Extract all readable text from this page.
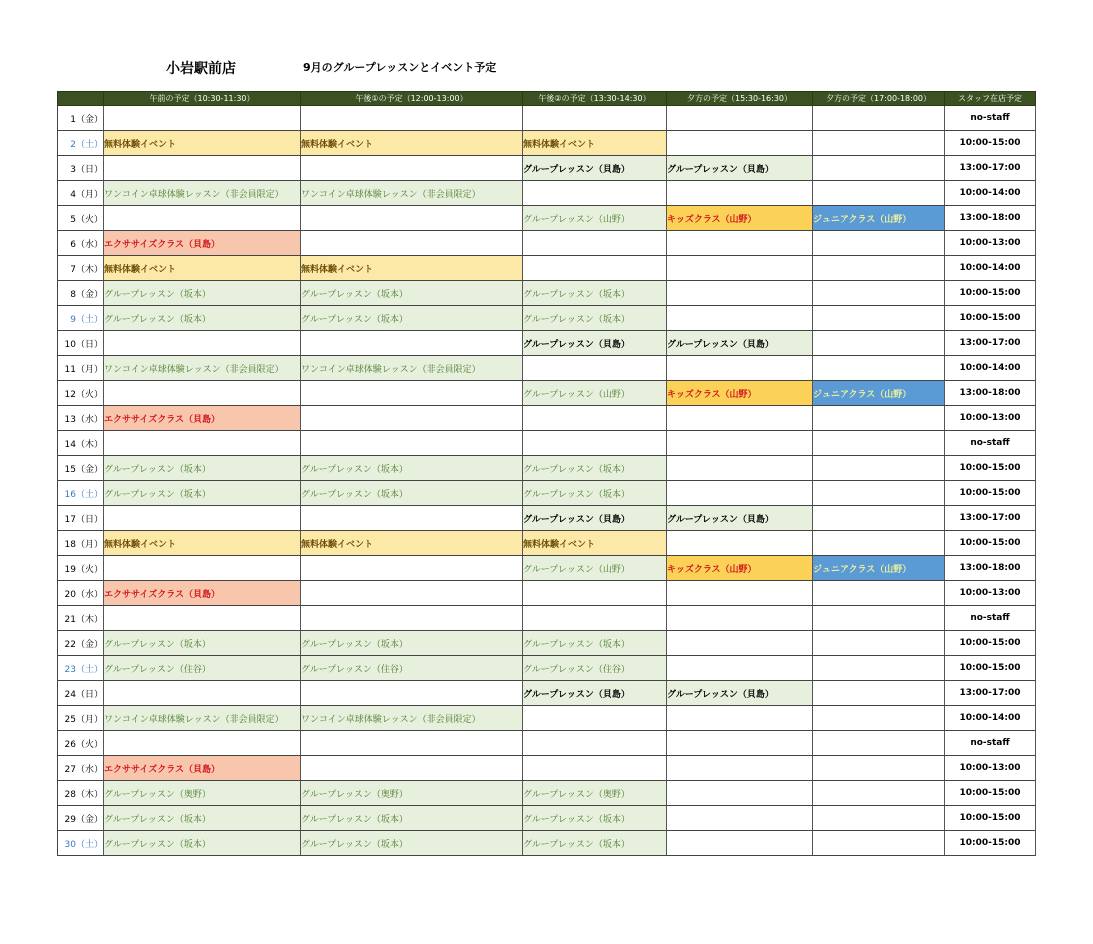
小岩駅前店	9月のグループレッスンとイベント予定
	午前の予定（10:30-11:30）	午後①の予定（12:00-13:00）	午後②の予定（13:30-14:30）	夕方の予定（15:30-16:30）	夕方の予定（17:00-18:00）	スタッフ在店予定
1（金）						no-staff
2（土）	無料体験イベント	無料体験イベント	無料体験イベント			10:00-15:00
3（日）			グループレッスン（貝島）	グループレッスン（貝島）		13:00-17:00
4（月）	ワンコイン卓球体験レッスン（非会員限定）	ワンコイン卓球体験レッスン（非会員限定）				10:00-14:00
5（火）			グループレッスン（山野）	キッズクラス（山野）	ジュニアクラス（山野）	13:00-18:00
6（水）	エクササイズクラス（貝島）					10:00-13:00
7（木）	無料体験イベント	無料体験イベント				10:00-14:00
8（金）	グループレッスン（坂本）	グループレッスン（坂本）	グループレッスン（坂本）			10:00-15:00
9（土）	グループレッスン（坂本）	グループレッスン（坂本）	グループレッスン（坂本）			10:00-15:00
10（日）			グループレッスン（貝島）	グループレッスン（貝島）		13:00-17:00
11（月）	ワンコイン卓球体験レッスン（非会員限定）	ワンコイン卓球体験レッスン（非会員限定）				10:00-14:00
12（火）			グループレッスン（山野）	キッズクラス（山野）	ジュニアクラス（山野）	13:00-18:00
13（水）	エクササイズクラス（貝島）					10:00-13:00
14（木）						no-staff
15（金）	グループレッスン（坂本）	グループレッスン（坂本）	グループレッスン（坂本）			10:00-15:00
16（土）	グループレッスン（坂本）	グループレッスン（坂本）	グループレッスン（坂本）			10:00-15:00
17（日）			グループレッスン（貝島）	グループレッスン（貝島）		13:00-17:00
18（月）	無料体験イベント	無料体験イベント	無料体験イベント			10:00-15:00
19（火）			グループレッスン（山野）	キッズクラス（山野）	ジュニアクラス（山野）	13:00-18:00
20（水）	エクササイズクラス（貝島）					10:00-13:00
21（木）						no-staff
22（金）	グループレッスン（坂本）	グループレッスン（坂本）	グループレッスン（坂本）			10:00-15:00
23（土）	グループレッスン（住谷）	グループレッスン（住谷）	グループレッスン（住谷）			10:00-15:00
24（日）			グループレッスン（貝島）	グループレッスン（貝島）		13:00-17:00
25（月）	ワンコイン卓球体験レッスン（非会員限定）	ワンコイン卓球体験レッスン（非会員限定）				10:00-14:00
26（火）						no-staff
27（水）	エクササイズクラス（貝島）					10:00-13:00
28（木）	グループレッスン（奥野）	グループレッスン（奥野）	グループレッスン（奥野）			10:00-15:00
29（金）	グループレッスン（坂本）	グループレッスン（坂本）	グループレッスン（坂本）			10:00-15:00
30（土）	グループレッスン（坂本）	グループレッスン（坂本）	グループレッスン（坂本）			10:00-15:00
